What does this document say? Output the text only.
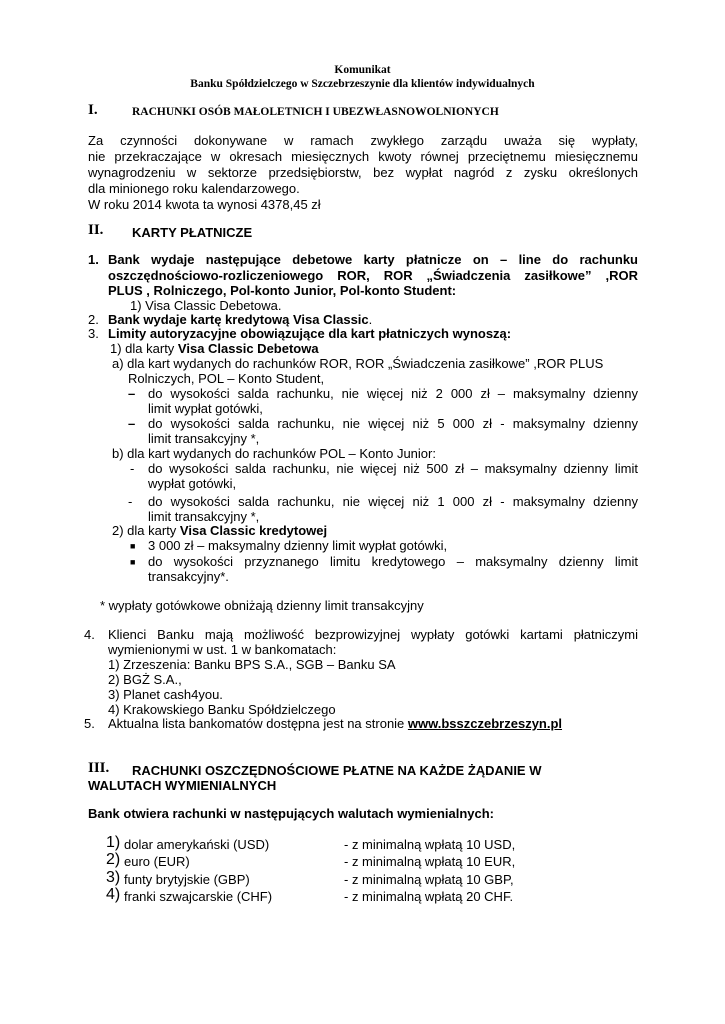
Komunikat
Banku Spółdzielczego w Szczebrzeszynie dla klientów indywidualnych
I.	RACHUNKI OSÓB MAŁOLETNICH I UBEZWŁASNOWOLNIONYCH
Za czynności dokonywane w ramach zwykłego zarządu uważa się wypłaty,
nie przekraczające w okresach miesięcznych kwoty równej przeciętnemu miesięcznemu
wynagrodzeniu w sektorze przedsiębiorstw, bez wypłat nagród z zysku określonych
dla minionego roku kalendarzowego.
W roku 2014 kwota ta wynosi 4378,45 zł
II. KARTY PŁATNICZE
1. Bank wydaje następujące debetowe karty płatnicze on – line do rachunku
oszczędnościowo-rozliczeniowego ROR, ROR „Świadczenia zasiłkowe” ,ROR
PLUS , Rolniczego, Pol-konto Junior, Pol-konto Student:
1) Visa Classic Debetowa.
2. Bank wydaje kartę kredytową Visa Classic.
3. Limity autoryzacyjne obowiązujące dla kart płatniczych wynoszą:
1) dla karty Visa Classic Debetowa
a) dla kart wydanych do rachunków ROR, ROR „Świadczenia zasiłkowe” ,ROR PLUS
Rolniczych, POL – Konto Student,
– do wysokości salda rachunku, nie więcej niż 2 000 zł – maksymalny dzienny
limit wypłat gotówki,
– do wysokości salda rachunku, nie więcej niż 5 000 zł - maksymalny dzienny
limit transakcyjny *,
b) dla kart wydanych do rachunków POL – Konto Junior:
- do wysokości salda rachunku, nie więcej niż 500 zł – maksymalny dzienny limit
wypłat gotówki,
- do wysokości salda rachunku, nie więcej niż 1 000 zł - maksymalny dzienny
limit transakcyjny *,
2) dla karty Visa Classic kredytowej
■ 3 000 zł – maksymalny dzienny limit wypłat gotówki,
■ do wysokości przyznanego limitu kredytowego – maksymalny dzienny limit
transakcyjny*.
* wypłaty gotówkowe obniżają dzienny limit transakcyjny
4. Klienci Banku mają możliwość bezprowizyjnej wypłaty gotówki kartami płatniczymi
wymienionymi w ust. 1 w bankomatach:
1) Zrzeszenia: Banku BPS S.A., SGB – Banku SA
2) BGŻ S.A.,
3) Planet cash4you.
4) Krakowskiego Banku Spółdzielczego
5. Aktualna lista bankomatów dostępna jest na stronie www.bsszczebrzeszyn.pl
III. RACHUNKI OSZCZĘDNOŚCIOWE PŁATNE NA KAŻDE ŻĄDANIE W
WALUTACH WYMIENIALNYCH
Bank otwiera rachunki w następujących walutach wymienialnych:
1) dolar amerykański (USD)	- z minimalną wpłatą 10 USD,
2) euro (EUR)	- z minimalną wpłatą 10 EUR,
3) funty brytyjskie (GBP)	- z minimalną wpłatą 10 GBP,
4) franki szwajcarskie (CHF)	- z minimalną wpłatą 20 CHF.
